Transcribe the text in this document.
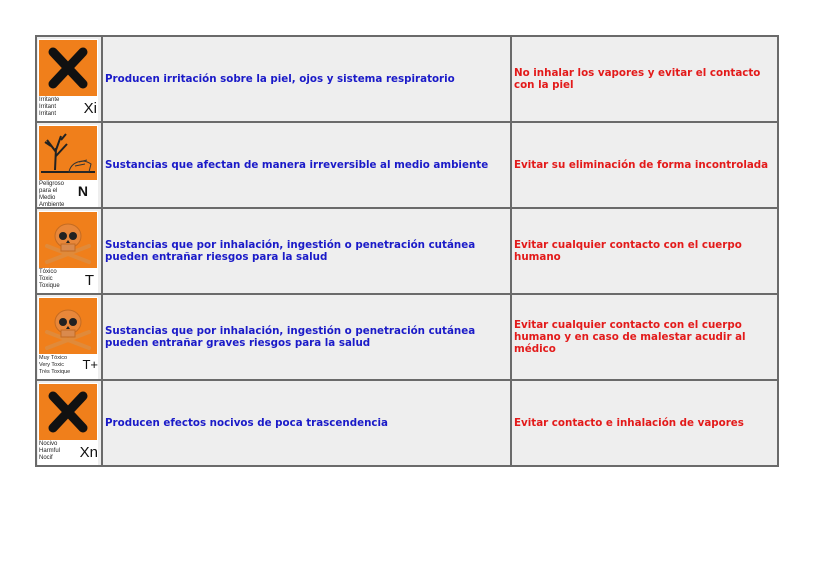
Irritante
Irritant
Irritant Xi	Producen irritación sobre la piel, ojos y sistema respiratorio	No inhalar los vapores y evitar el contacto con la piel

Peligroso
para el
Medio
Ambiente
N	Sustancias que afectan de manera irreversible al medio ambiente	Evitar su eliminación de forma incontrolada

Tóxico
Toxic
Toxique T	Sustancias que por inhalación, ingestión o penetración cutánea pueden entrañar riesgos para la salud	Evitar cualquier contacto con el cuerpo humano

Muy Tóxico
Very Toxic
Très Toxique T+	Sustancias que por inhalación, ingestión o penetración cutánea pueden entrañar graves riesgos para la salud	Evitar cualquier contacto con el cuerpo humano y en caso de malestar acudir al médico

Nocivo
Harmful
Nocif Xn	Producen efectos nocivos de poca trascendencia	Evitar contacto e inhalación de vapores
